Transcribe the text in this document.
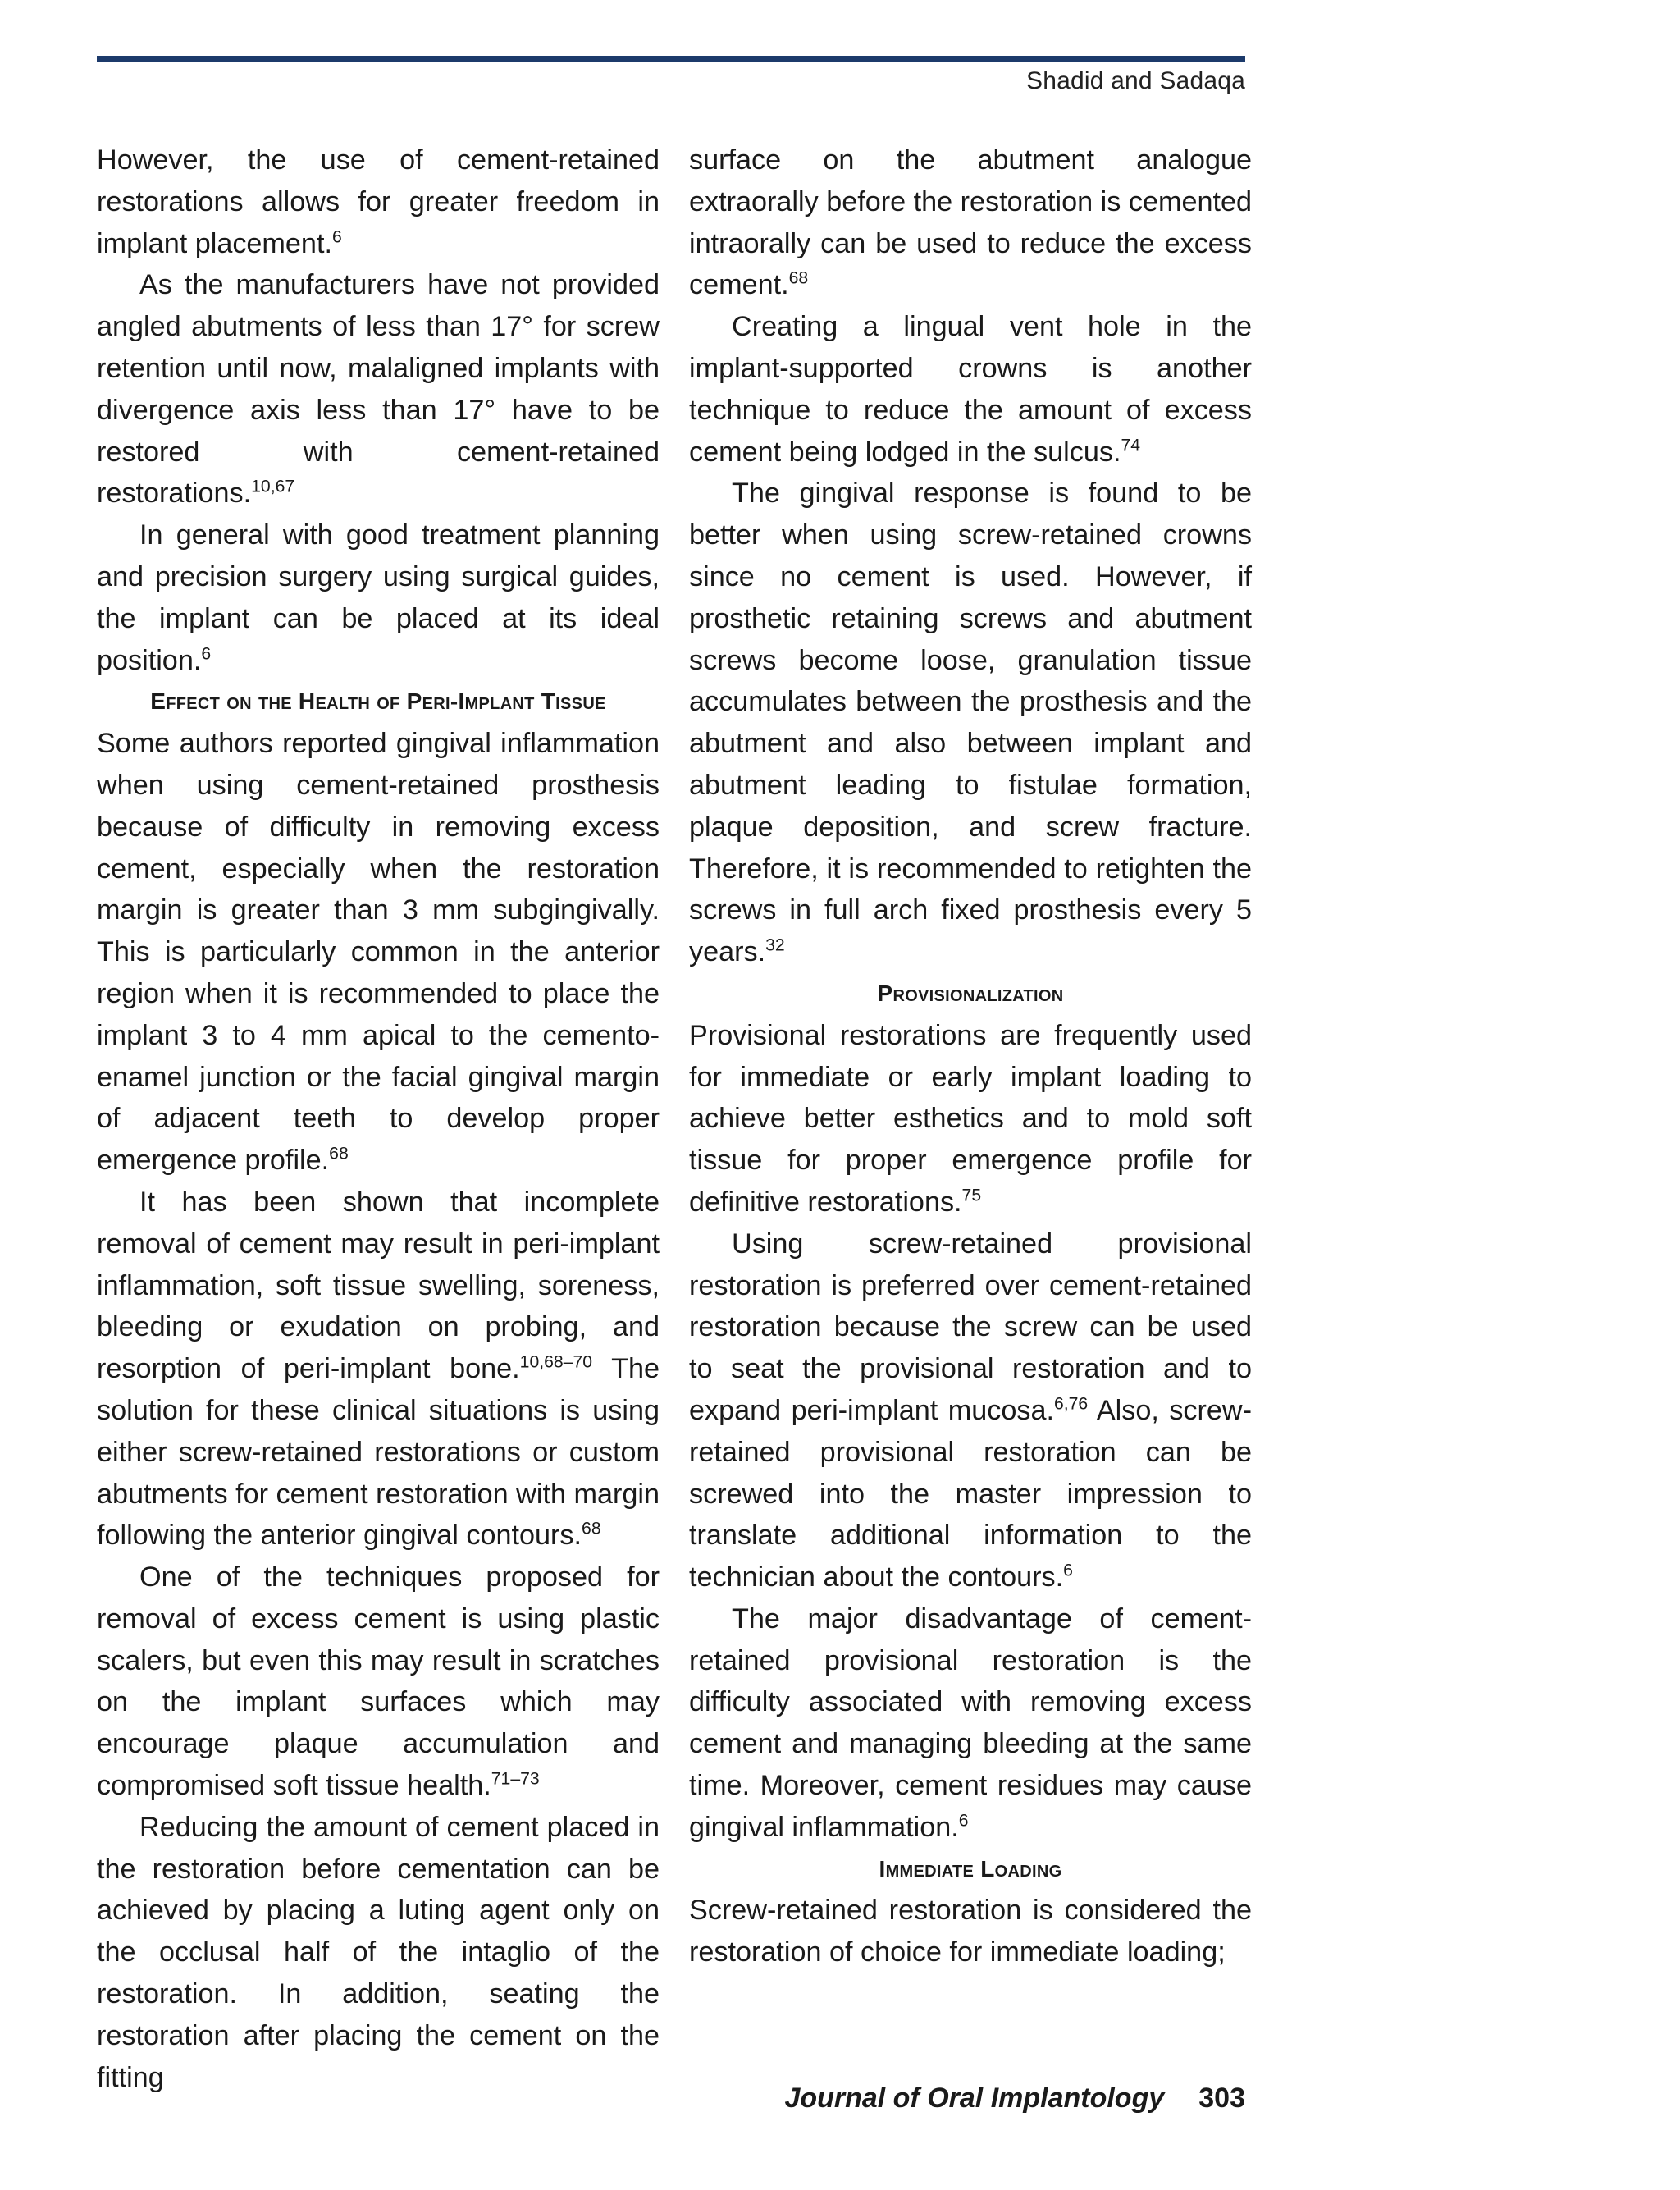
Shadid and Sadaqa

However, the use of cement-retained restorations allows for greater freedom in implant placement.$^6$

As the manufacturers have not provided angled abutments of less than 17° for screw retention until now, malaligned implants with divergence axis less than 17° have to be restored with cement-retained restorations.$^{10,67}$

In general with good treatment planning and precision surgery using surgical guides, the implant can be placed at its ideal position.$^6$

Effect on the Health of Peri-Implant Tissue

Some authors reported gingival inflammation when using cement-retained prosthesis because of difficulty in removing excess cement, especially when the restoration margin is greater than 3 mm subgingivally. This is particularly common in the anterior region when it is recommended to place the implant 3 to 4 mm apical to the cemento-enamel junction or the facial gingival margin of adjacent teeth to develop proper emergence profile.$^{68}$

It has been shown that incomplete removal of cement may result in peri-implant inflammation, soft tissue swelling, soreness, bleeding or exudation on probing, and resorption of peri-implant bone.$^{10,68-70}$ The solution for these clinical situations is using either screw-retained restorations or custom abutments for cement restoration with margin following the anterior gingival contours.$^{68}$

One of the techniques proposed for removal of excess cement is using plastic scalers, but even this may result in scratches on the implant surfaces which may encourage plaque accumulation and compromised soft tissue health.$^{71-73}$

Reducing the amount of cement placed in the restoration before cementation can be achieved by placing a luting agent only on the occlusal half of the intaglio of the restoration. In addition, seating the restoration after placing the cement on the fitting

surface on the abutment analogue extraorally before the restoration is cemented intraorally can be used to reduce the excess cement.$^{68}$

Creating a lingual vent hole in the implant-supported crowns is another technique to reduce the amount of excess cement being lodged in the sulcus.$^{74}$

The gingival response is found to be better when using screw-retained crowns since no cement is used. However, if prosthetic retaining screws and abutment screws become loose, granulation tissue accumulates between the prosthesis and the abutment and also between implant and abutment leading to fistulae formation, plaque deposition, and screw fracture. Therefore, it is recommended to retighten the screws in full arch fixed prosthesis every 5 years.$^{32}$

Provisionalization

Provisional restorations are frequently used for immediate or early implant loading to achieve better esthetics and to mold soft tissue for proper emergence profile for definitive restorations.$^{75}$

Using screw-retained provisional restoration is preferred over cement-retained restoration because the screw can be used to seat the provisional restoration and to expand peri-implant mucosa.$^{6,76}$ Also, screw-retained provisional restoration can be screwed into the master impression to translate additional information to the technician about the contours.$^6$

The major disadvantage of cement-retained provisional restoration is the difficulty associated with removing excess cement and managing bleeding at the same time. Moreover, cement residues may cause gingival inflammation.$^6$

Immediate Loading

Screw-retained restoration is considered the restoration of choice for immediate loading;

Journal of Oral Implantology 303
